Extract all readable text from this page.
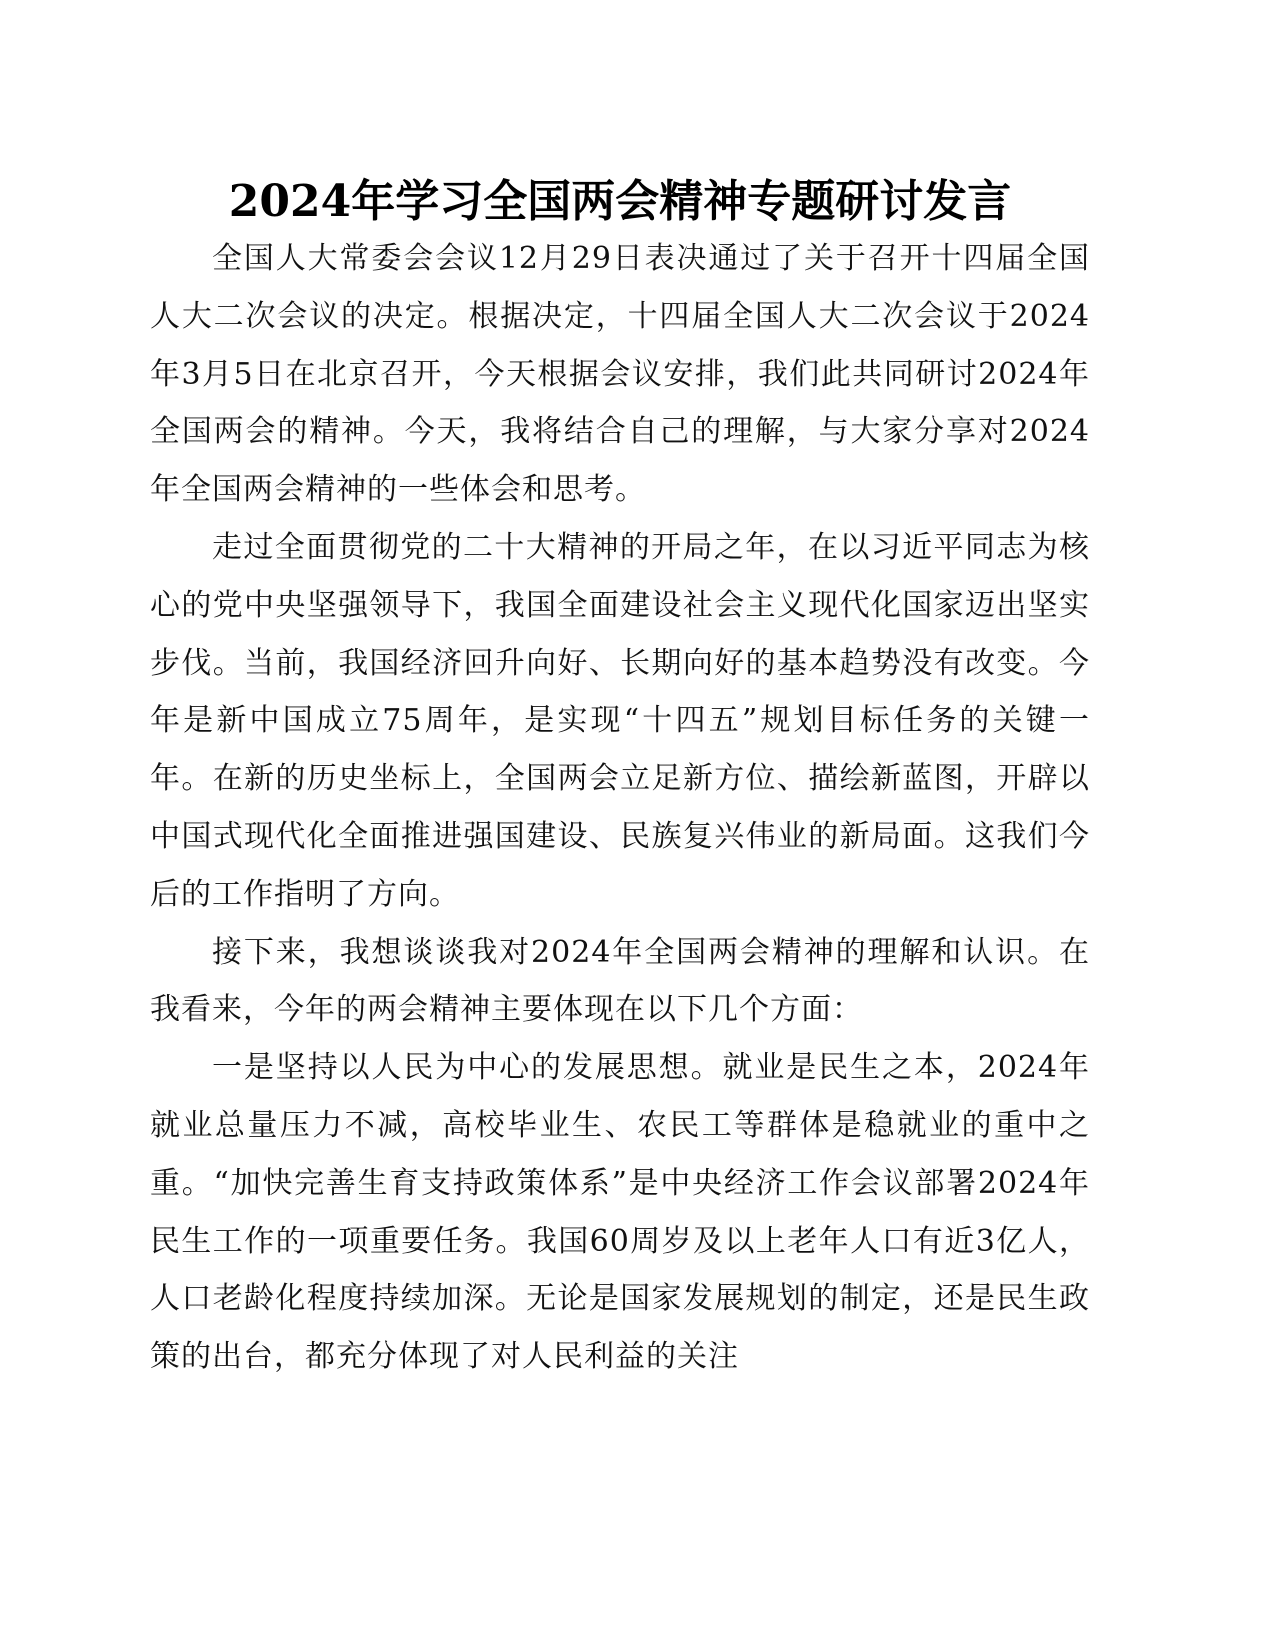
2024年学习全国两会精神专题研讨发言

全国人大常委会会议12月29日表决通过了关于召开十四届全国人大二次会议的决定。根据决定，十四届全国人大二次会议于2024年3月5日在北京召开，今天根据会议安排，我们此共同研讨2024年全国两会的精神。今天，我将结合自己的理解，与大家分享对2024年全国两会精神的一些体会和思考。

走过全面贯彻党的二十大精神的开局之年，在以习近平同志为核心的党中央坚强领导下，我国全面建设社会主义现代化国家迈出坚实步伐。当前，我国经济回升向好、长期向好的基本趋势没有改变。今年是新中国成立75周年，是实现“十四五”规划目标任务的关键一年。在新的历史坐标上，全国两会立足新方位、描绘新蓝图，开辟以中国式现代化全面推进强国建设、民族复兴伟业的新局面。这我们今后的工作指明了方向。

接下来，我想谈谈我对2024年全国两会精神的理解和认识。在我看来，今年的两会精神主要体现在以下几个方面：

一是坚持以人民为中心的发展思想。就业是民生之本，2024年就业总量压力不减，高校毕业生、农民工等群体是稳就业的重中之重。“加快完善生育支持政策体系”是中央经济工作会议部署2024年民生工作的一项重要任务。我国60周岁及以上老年人口有近3亿人，人口老龄化程度持续加深。无论是国家发展规划的制定，还是民生政策的出台，都充分体现了对人民利益的关注
